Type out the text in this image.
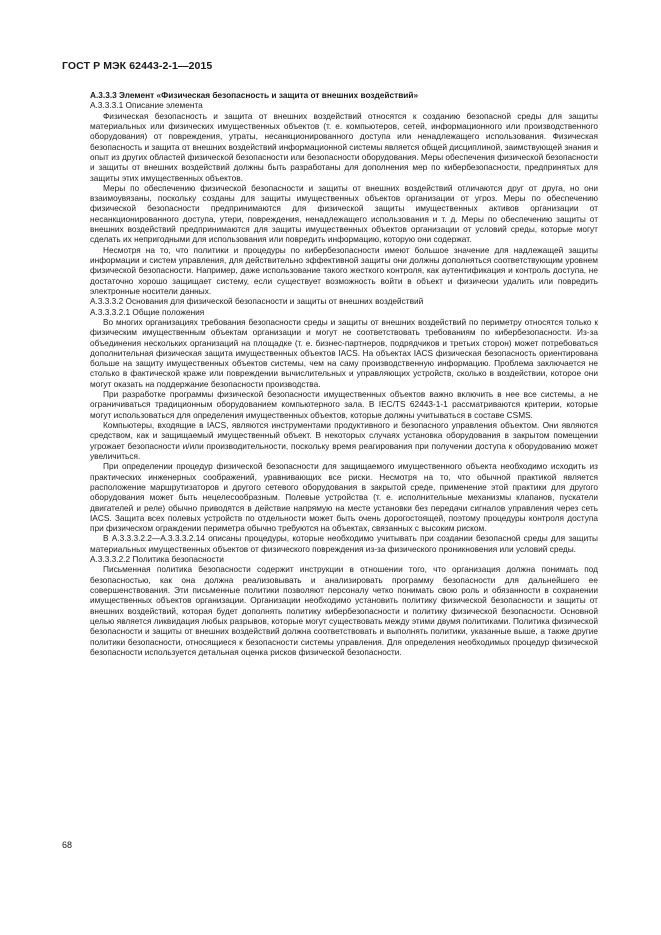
ГОСТ Р МЭК 62443-2-1—2015

А.3.3.3 Элемент «Физическая безопасность и защита от внешних воздействий»

А.3.3.3.1 Описание элемента

Физическая безопасность и защита от внешних воздействий относятся к созданию безопасной среды для защиты материальных или физических имущественных объектов (т. е. компьютеров, сетей, информационного или производственного оборудования) от повреждения, утраты, несанкционированного доступа или ненадлежащего использования. Физическая безопасность и защита от внешних воздействий информационной системы является общей дисциплиной, заимствующей знания и опыт из других областей физической безопасности или безопасности оборудования. Меры обеспечения физической безопасности и защиты от внешних воздействий должны быть разработаны для дополнения мер по кибербезопасности, предпринятых для защиты этих имущественных объектов.

Меры по обеспечению физической безопасности и защиты от внешних воздействий отличаются друг от друга, но они взаимоувязаны, поскольку созданы для защиты имущественных объектов организации от угроз. Меры по обеспечению физической безопасности предпринимаются для физической защиты имущественных активов организации от несанкционированного доступа, утери, повреждения, ненадлежащего использования и т. д. Меры по обеспечению защиты от внешних воздействий предпринимаются для защиты имущественных объектов организации от условий среды, которые могут сделать их непригодными для использования или повредить информацию, которую они содержат.

Несмотря на то, что политики и процедуры по кибербезопасности имеют большое значение для надлежащей защиты информации и систем управления, для действительно эффективной защиты они должны дополняться соответствующим уровнем физической безопасности. Например, даже использование такого жесткого контроля, как аутентификация и контроль доступа, не достаточно хорошо защищает систему, если существует возможность войти в объект и физически удалить или повредить электронные носители данных.

А.3.3.3.2 Основания для физической безопасности и защиты от внешних воздействий

А.3.3.3.2.1 Общие положения

Во многих организациях требования безопасности среды и защиты от внешних воздействий по периметру относятся только к физическим имущественным объектам организации и могут не соответствовать требованиям по кибербезопасности. Из-за объединения нескольких организаций на площадке (т. е. бизнес-партнеров, подрядчиков и третьих сторон) может потребоваться дополнительная физическая защита имущественных объектов IACS. На объектах IACS физическая безопасность ориентирована больше на защиту имущественных объектов системы, чем на саму производственную информацию. Проблема заключается не столько в фактической краже или повреждении вычислительных и управляющих устройств, сколько в воздействии, которое они могут оказать на поддержание безопасности производства.

При разработке программы физической безопасности имущественных объектов важно включить в нее все системы, а не ограничиваться традиционным оборудованием компьютерного зала. В IEC/TS 62443-1-1 рассматриваются критерии, которые могут использоваться для определения имущественных объектов, которые должны учитываться в составе CSMS.

Компьютеры, входящие в IACS, являются инструментами продуктивного и безопасного управления объектом. Они являются средством, как и защищаемый имущественный объект. В некоторых случаях установка оборудования в закрытом помещении угрожает безопасности и/или производительности, поскольку время реагирования при получении доступа к оборудованию может увеличиться.

При определении процедур физической безопасности для защищаемого имущественного объекта необходимо исходить из практических инженерных соображений, уравнивающих все риски. Несмотря на то, что обычной практикой является расположение маршрутизаторов и другого сетевого оборудования в закрытой среде, применение этой практики для другого оборудования может быть нецелесообразным. Полевые устройства (т. е. исполнительные механизмы клапанов, пускатели двигателей и реле) обычно приводятся в действие напрямую на месте установки без передачи сигналов управления через сеть IACS. Защита всех полевых устройств по отдельности может быть очень дорогостоящей, поэтому процедуры контроля доступа при физическом ограждении периметра обычно требуются на объектах, связанных с высоким риском.

В А.3.3.3.2.2—А.3.3.3.2.14 описаны процедуры, которые необходимо учитывать при создании безопасной среды для защиты материальных имущественных объектов от физического повреждения из-за физического проникновения или условий среды.

А.3.3.3.2.2 Политика безопасности

Письменная политика безопасности содержит инструкции в отношении того, что организация должна понимать под безопасностью, как она должна реализовывать и анализировать программу безопасности для дальнейшего ее совершенствования. Эти письменные политики позволяют персоналу четко понимать свою роль и обязанности в сохранении имущественных объектов организации. Организации необходимо установить политику физической безопасности и защиты от внешних воздействий, которая будет дополнять политику кибербезопасности и политику физической безопасности. Основной целью является ликвидация любых разрывов, которые могут существовать между этими двумя политиками. Политика физической безопасности и защиты от внешних воздействий должна соответствовать и выполнять политики, указанные выше, а также другие политики безопасности, относящиеся к безопасности системы управления. Для определения необходимых процедур физической безопасности используется детальная оценка рисков физической безопасности.

68
